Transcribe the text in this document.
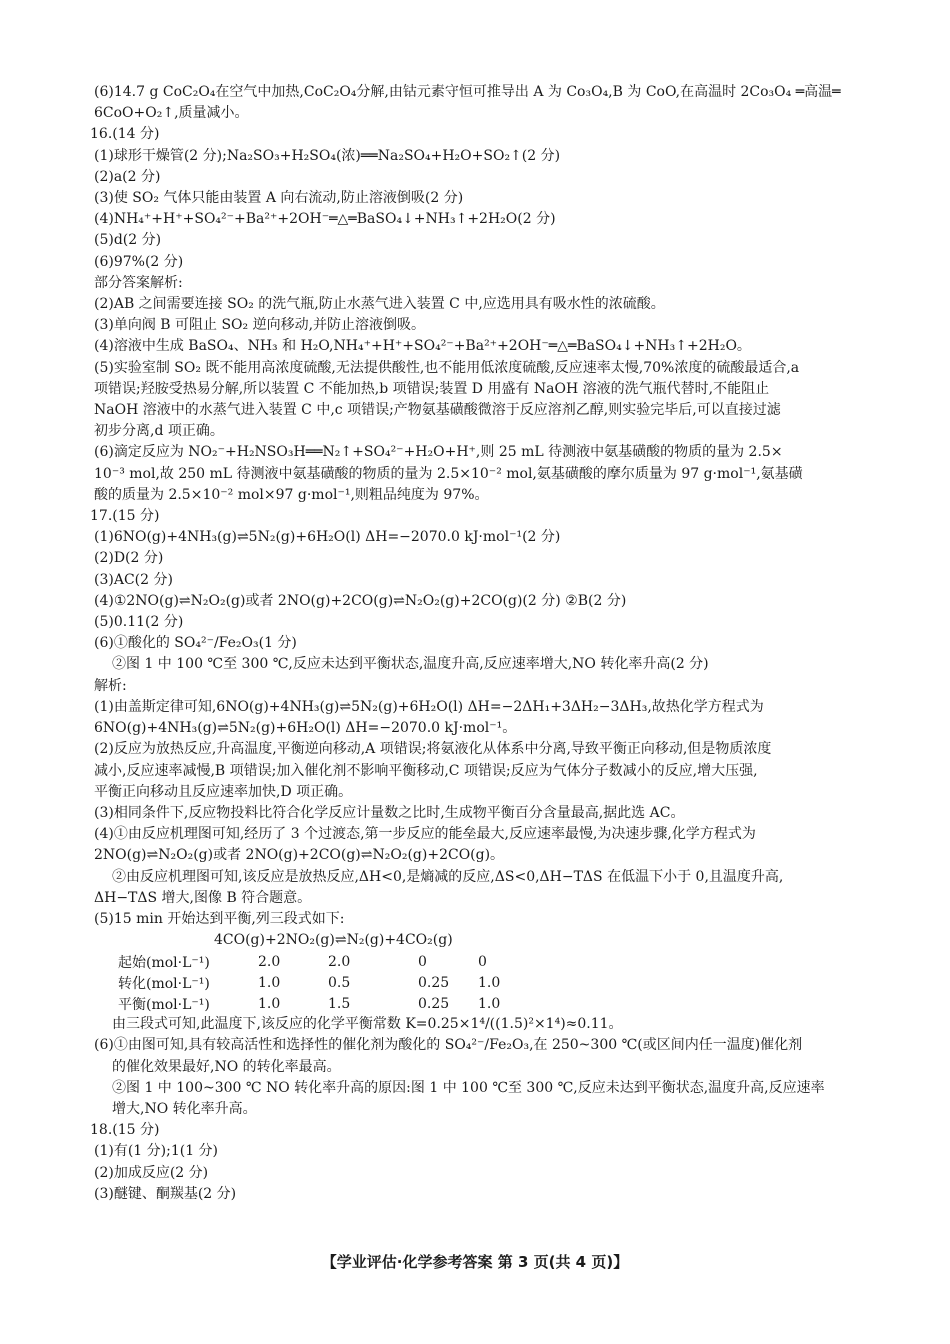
(6)14.7 g CoC₂O₄在空气中加热,CoC₂O₄分解,由钴元素守恒可推导出 A 为 Co₃O₄,B 为 CoO,在高温时 2Co₃O₄ ═高温═
6CoO+O₂↑,质量减小。
16.(14 分)
(1)球形干燥管(2 分);Na₂SO₃+H₂SO₄(浓)══Na₂SO₄+H₂O+SO₂↑(2 分)
(2)a(2 分)
(3)使 SO₂ 气体只能由装置 A 向右流动,防止溶液倒吸(2 分)
(4)NH₄⁺+H⁺+SO₄²⁻+Ba²⁺+2OH⁻═△═BaSO₄↓+NH₃↑+2H₂O(2 分)
(5)d(2 分)
(6)97%(2 分)
部分答案解析:
(2)AB 之间需要连接 SO₂ 的洗气瓶,防止水蒸气进入装置 C 中,应选用具有吸水性的浓硫酸。
(3)单向阀 B 可阻止 SO₂ 逆向移动,并防止溶液倒吸。
(4)溶液中生成 BaSO₄、NH₃ 和 H₂O,NH₄⁺+H⁺+SO₄²⁻+Ba²⁺+2OH⁻═△═BaSO₄↓+NH₃↑+2H₂O。
(5)实验室制 SO₂ 既不能用高浓度硫酸,无法提供酸性,也不能用低浓度硫酸,反应速率太慢,70%浓度的硫酸最适合,a
项错误;羟胺受热易分解,所以装置 C 不能加热,b 项错误;装置 D 用盛有 NaOH 溶液的洗气瓶代替时,不能阻止
NaOH 溶液中的水蒸气进入装置 C 中,c 项错误;产物氨基磺酸微溶于反应溶剂乙醇,则实验完毕后,可以直接过滤
初步分离,d 项正确。
(6)滴定反应为 NO₂⁻+H₂NSO₃H══N₂↑+SO₄²⁻+H₂O+H⁺,则 25 mL 待测液中氨基磺酸的物质的量为 2.5×
10⁻³ mol,故 250 mL 待测液中氨基磺酸的物质的量为 2.5×10⁻² mol,氨基磺酸的摩尔质量为 97 g·mol⁻¹,氨基磺
酸的质量为 2.5×10⁻² mol×97 g·mol⁻¹,则粗品纯度为 97%。
17.(15 分)
(1)6NO(g)+4NH₃(g)⇌5N₂(g)+6H₂O(l) ΔH=−2070.0 kJ·mol⁻¹(2 分)
(2)D(2 分)
(3)AC(2 分)
(4)①2NO(g)⇌N₂O₂(g)或者 2NO(g)+2CO(g)⇌N₂O₂(g)+2CO(g)(2 分) ②B(2 分)
(5)0.11(2 分)
(6)①酸化的 SO₄²⁻/Fe₂O₃(1 分)
②图 1 中 100 ℃至 300 ℃,反应未达到平衡状态,温度升高,反应速率增大,NO 转化率升高(2 分)
解析:
(1)由盖斯定律可知,6NO(g)+4NH₃(g)⇌5N₂(g)+6H₂O(l) ΔH=−2ΔH₁+3ΔH₂−3ΔH₃,故热化学方程式为
6NO(g)+4NH₃(g)⇌5N₂(g)+6H₂O(l) ΔH=−2070.0 kJ·mol⁻¹。
(2)反应为放热反应,升高温度,平衡逆向移动,A 项错误;将氨液化从体系中分离,导致平衡正向移动,但是物质浓度
减小,反应速率减慢,B 项错误;加入催化剂不影响平衡移动,C 项错误;反应为气体分子数减小的反应,增大压强,
平衡正向移动且反应速率加快,D 项正确。
(3)相同条件下,反应物投料比符合化学反应计量数之比时,生成物平衡百分含量最高,据此选 AC。
(4)①由反应机理图可知,经历了 3 个过渡态,第一步反应的能垒最大,反应速率最慢,为决速步骤,化学方程式为
2NO(g)⇌N₂O₂(g)或者 2NO(g)+2CO(g)⇌N₂O₂(g)+2CO(g)。
②由反应机理图可知,该反应是放热反应,ΔH<0,是熵减的反应,ΔS<0,ΔH−TΔS 在低温下小于 0,且温度升高,
ΔH−TΔS 增大,图像 B 符合题意。
(5)15 min 开始达到平衡,列三段式如下:
4CO(g)+2NO₂(g)⇌N₂(g)+4CO₂(g)
起始(mol·L⁻¹)	2.0	2.0	0	0
转化(mol·L⁻¹)	1.0	0.5	0.25	1.0
平衡(mol·L⁻¹)	1.0	1.5	0.25	1.0
由三段式可知,此温度下,该反应的化学平衡常数 K=0.25×1⁴/((1.5)²×1⁴)≈0.11。
(6)①由图可知,具有较高活性和选择性的催化剂为酸化的 SO₄²⁻/Fe₂O₃,在 250~300 ℃(或区间内任一温度)催化剂
的催化效果最好,NO 的转化率最高。
②图 1 中 100~300 ℃ NO 转化率升高的原因:图 1 中 100 ℃至 300 ℃,反应未达到平衡状态,温度升高,反应速率
增大,NO 转化率升高。
18.(15 分)
(1)有(1 分);1(1 分)
(2)加成反应(2 分)
(3)醚键、酮羰基(2 分)
【学业评估·化学参考答案 第 3 页(共 4 页)】
